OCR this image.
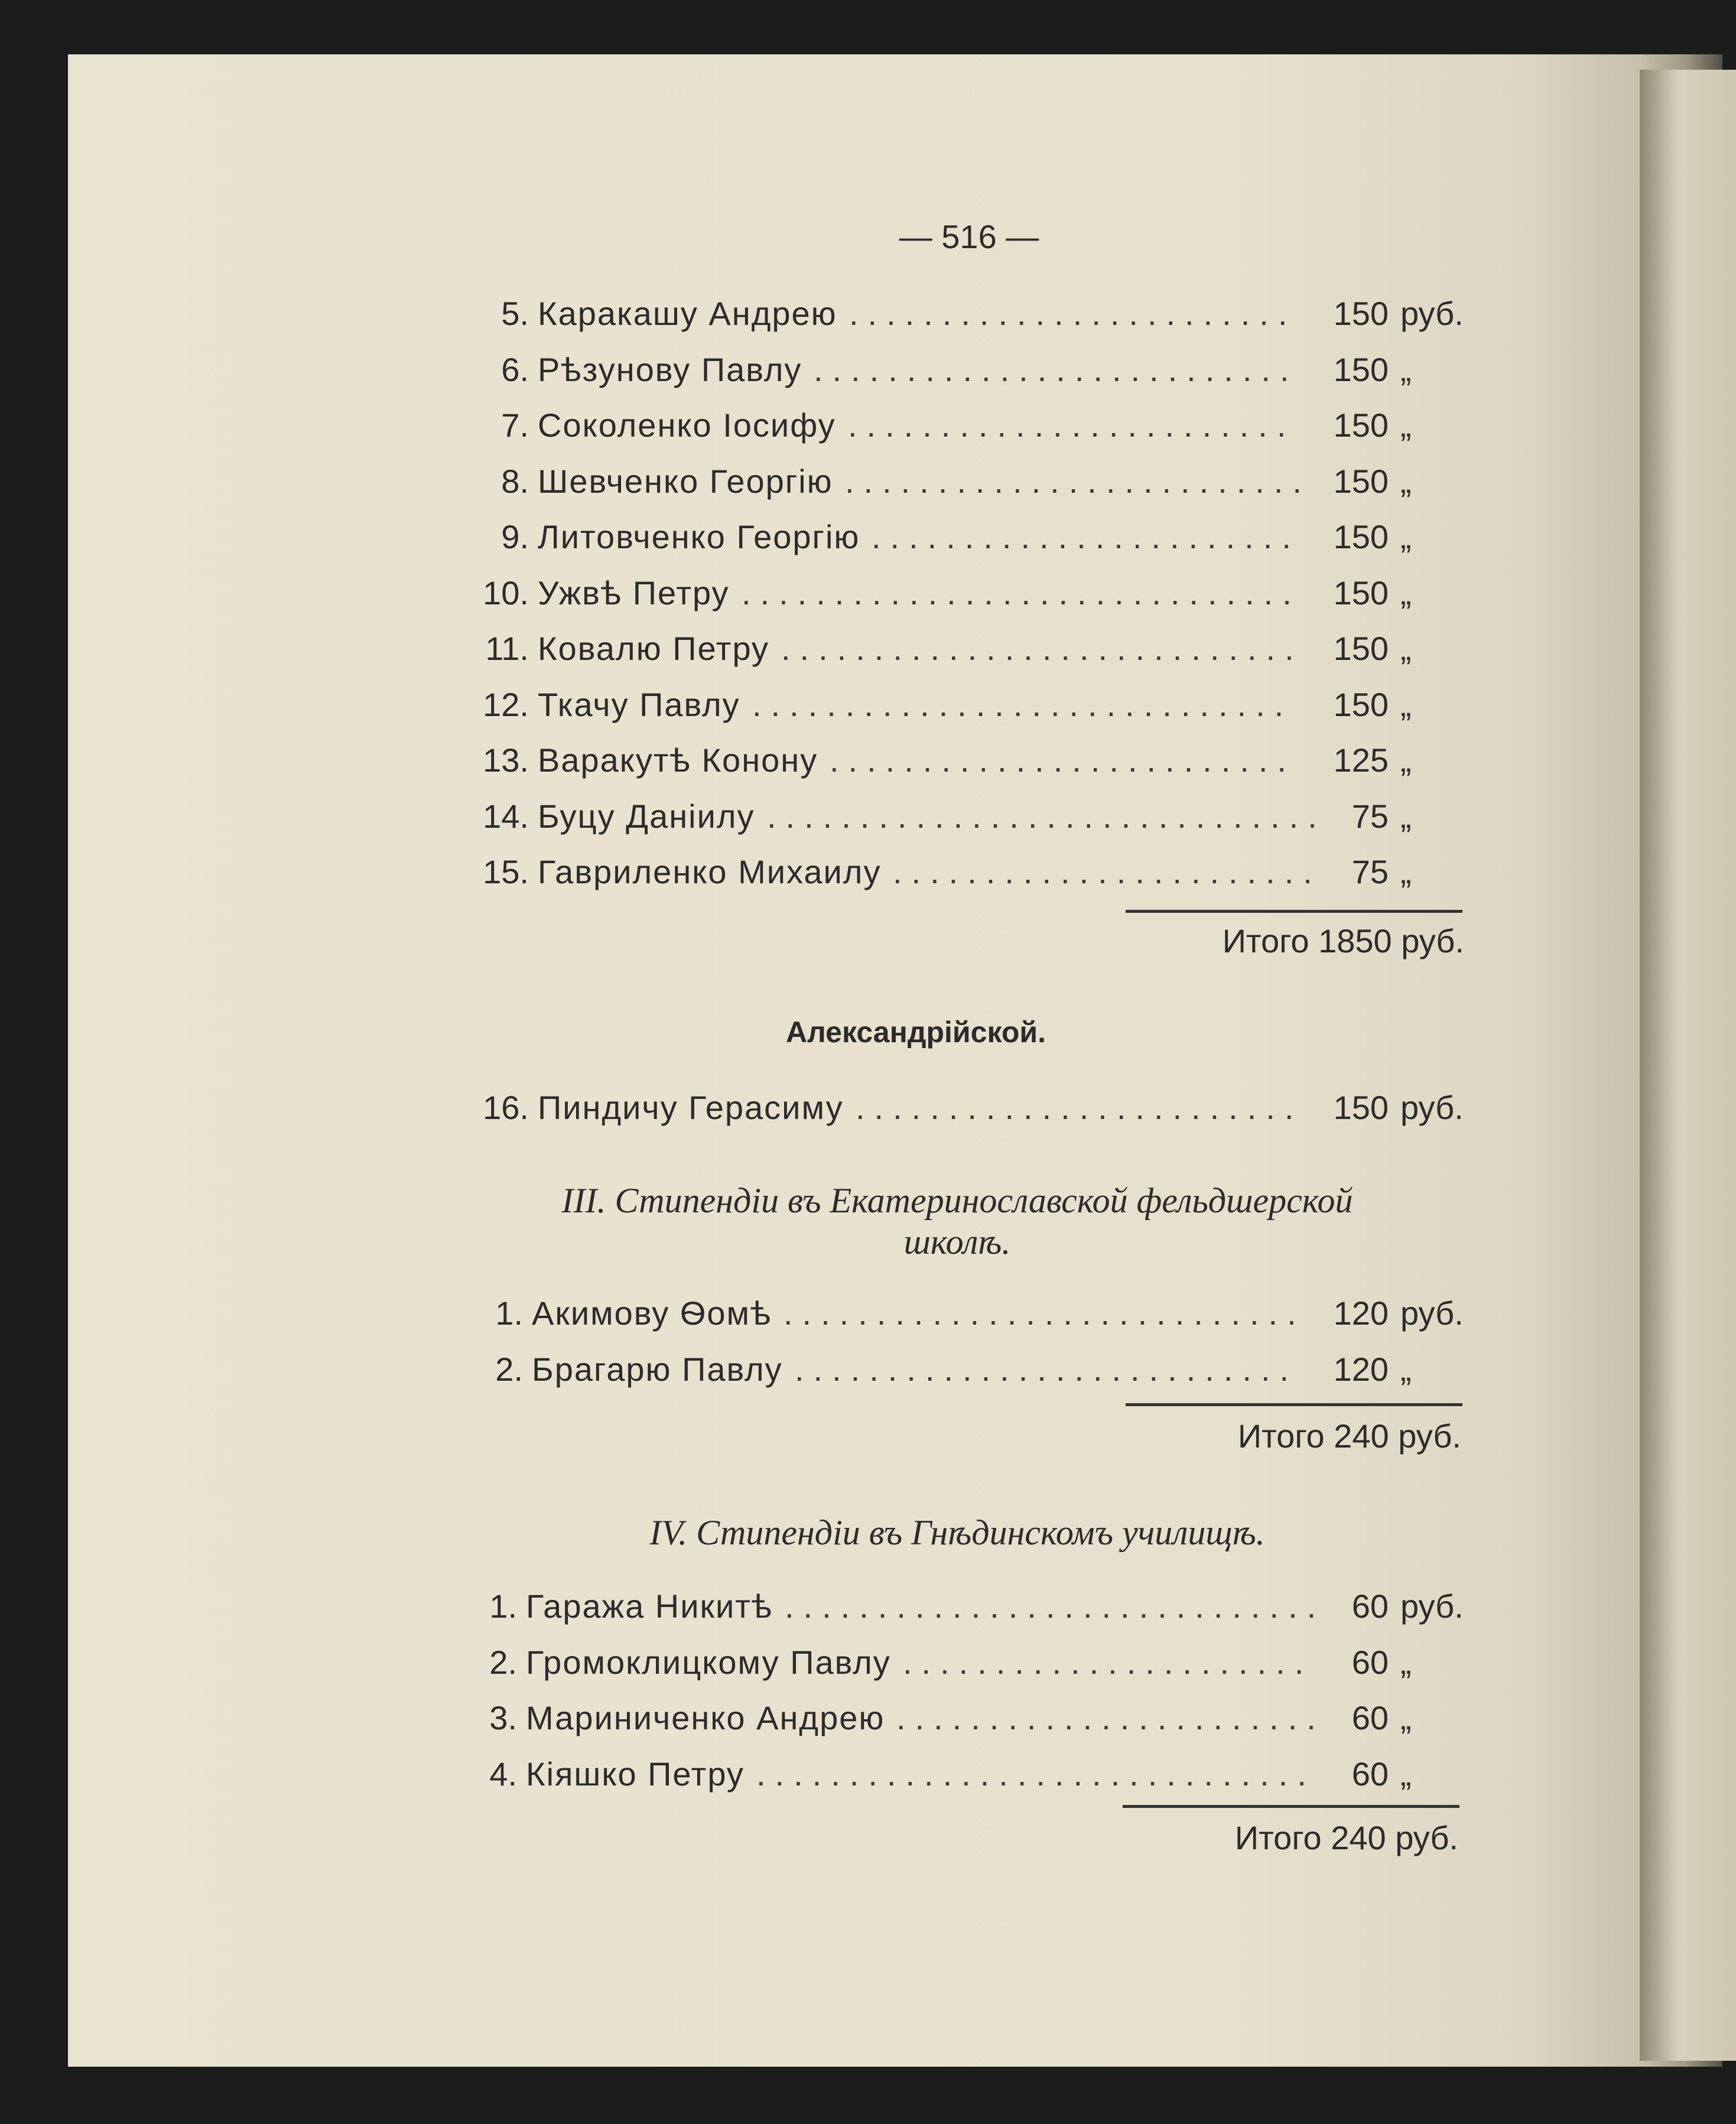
— 516 —
5. Каракашу Андрею ........................	150 руб.
6. Рѣзунову Павлу ..........................	150 „
7. Соколенко Іосифу ........................	150 „
8. Шевченко Георгію ......................... 150 „
9. Литовченко Георгію ....................... 150 „
10. Ужвѣ Петру .............................. 150 „
11. Ковалю Петру ............................ 150 „
12. Ткачу Павлу .............................	150 „
13. Варакутѣ Конону .........................	125 „
14. Буцу Даніилу .............................. 75 „
15. Гавриленко Михаилу ....................... 75 „
Итого 1850 руб.
Александрійской.
16. Пиндичу Герасиму ........................ 150 руб.
III. Стипендіи въ Екатеринославской фельдшерской
школѣ.
1. Акимову Ѳомѣ ............................ 120 руб.
2. Брагарю Павлу ...........................	120 „
Итого 240 руб.
IV. Стипендіи въ Гнѣдинскомъ училищѣ.
1. Гаража Никитѣ ............................. 60 руб.
2. Громоклицкому Павлу ......................	60 „
3. Мариниченко Андрею ....................... 60 „
4. Кіяшко Петру ..............................	60 „
Итого 240 руб.
